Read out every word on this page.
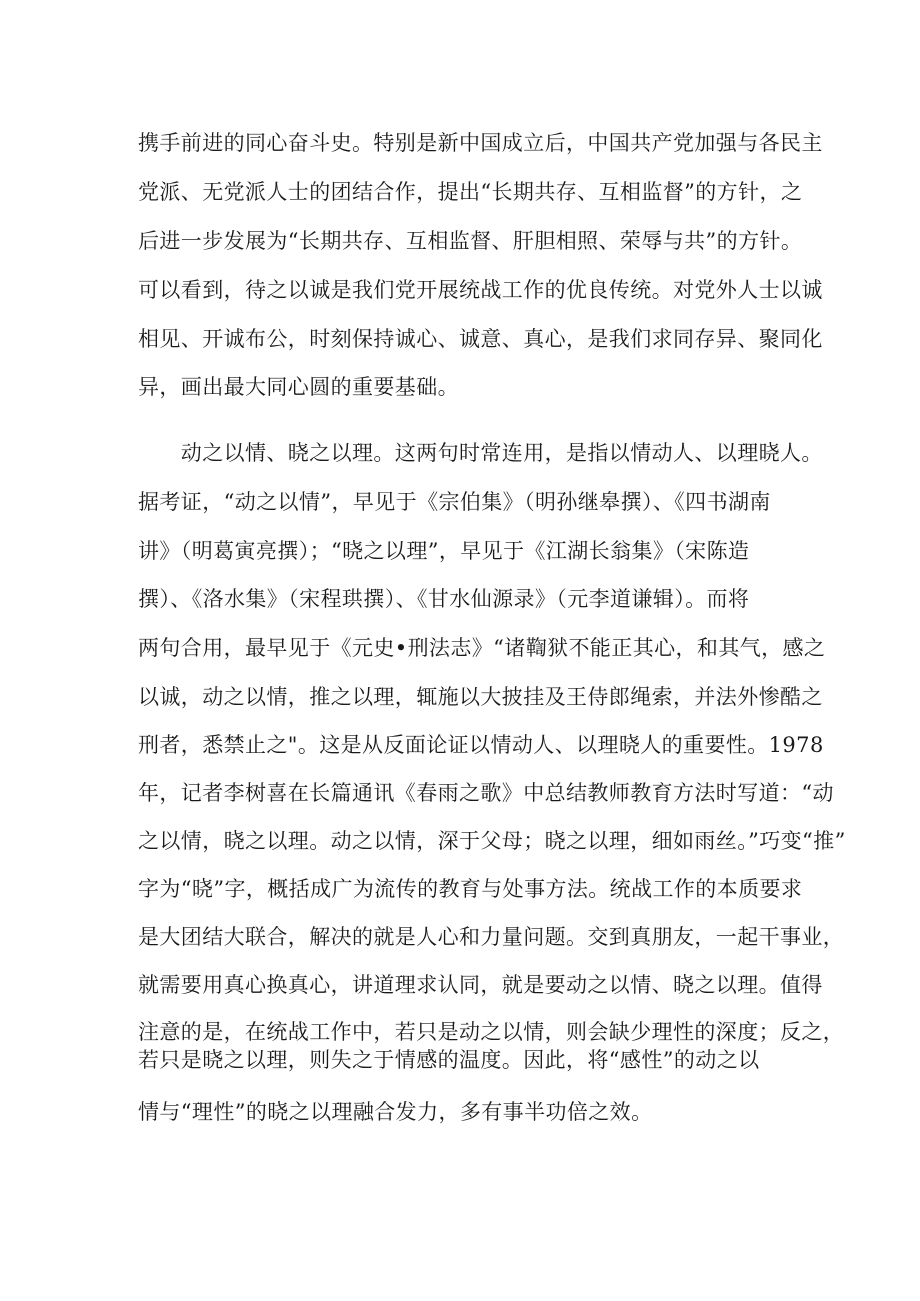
携手前进的同心奋斗史。特别是新中国成立后，中国共产党加强与各民主
党派、无党派人士的团结合作，提出“长期共存、互相监督”的方针，之
后进一步发展为“长期共存、互相监督、肝胆相照、荣辱与共”的方针。
可以看到，待之以诚是我们党开展统战工作的优良传统。对党外人士以诚
相见、开诚布公，时刻保持诚心、诚意、真心，是我们求同存异、聚同化
异，画出最大同心圆的重要基础。
　　动之以情、晓之以理。这两句时常连用，是指以情动人、以理晓人。
据考证，“动之以情”，早见于《宗伯集》（明孙继皋撰）、《四书湖南
讲》（明葛寅亮撰）；“晓之以理”，早见于《江湖长翁集》（宋陈造
撰）、《洛水集》（宋程珙撰）、《甘水仙源录》（元李道谦辑）。而将
两句合用，最早见于《元史•刑法志》“诸鞫狱不能正其心，和其气，感之
以诚，动之以情，推之以理，辄施以大披挂及王侍郎绳索，并法外惨酷之
刑者，悉禁止之"。这是从反面论证以情动人、以理晓人的重要性。1978
年，记者李树喜在长篇通讯《春雨之歌》中总结教师教育方法时写道：“动
之以情，晓之以理。动之以情，深于父母；晓之以理，细如雨丝。”巧变“推”
字为“晓”字，概括成广为流传的教育与处事方法。统战工作的本质要求
是大团结大联合，解决的就是人心和力量问题。交到真朋友，一起干事业，
就需要用真心换真心，讲道理求认同，就是要动之以情、晓之以理。值得
注意的是，在统战工作中，若只是动之以情，则会缺少理性的深度；反之，
若只是晓之以理，则失之于情感的温度。因此，将“感性”的动之以
情与“理性”的晓之以理融合发力，多有事半功倍之效。
